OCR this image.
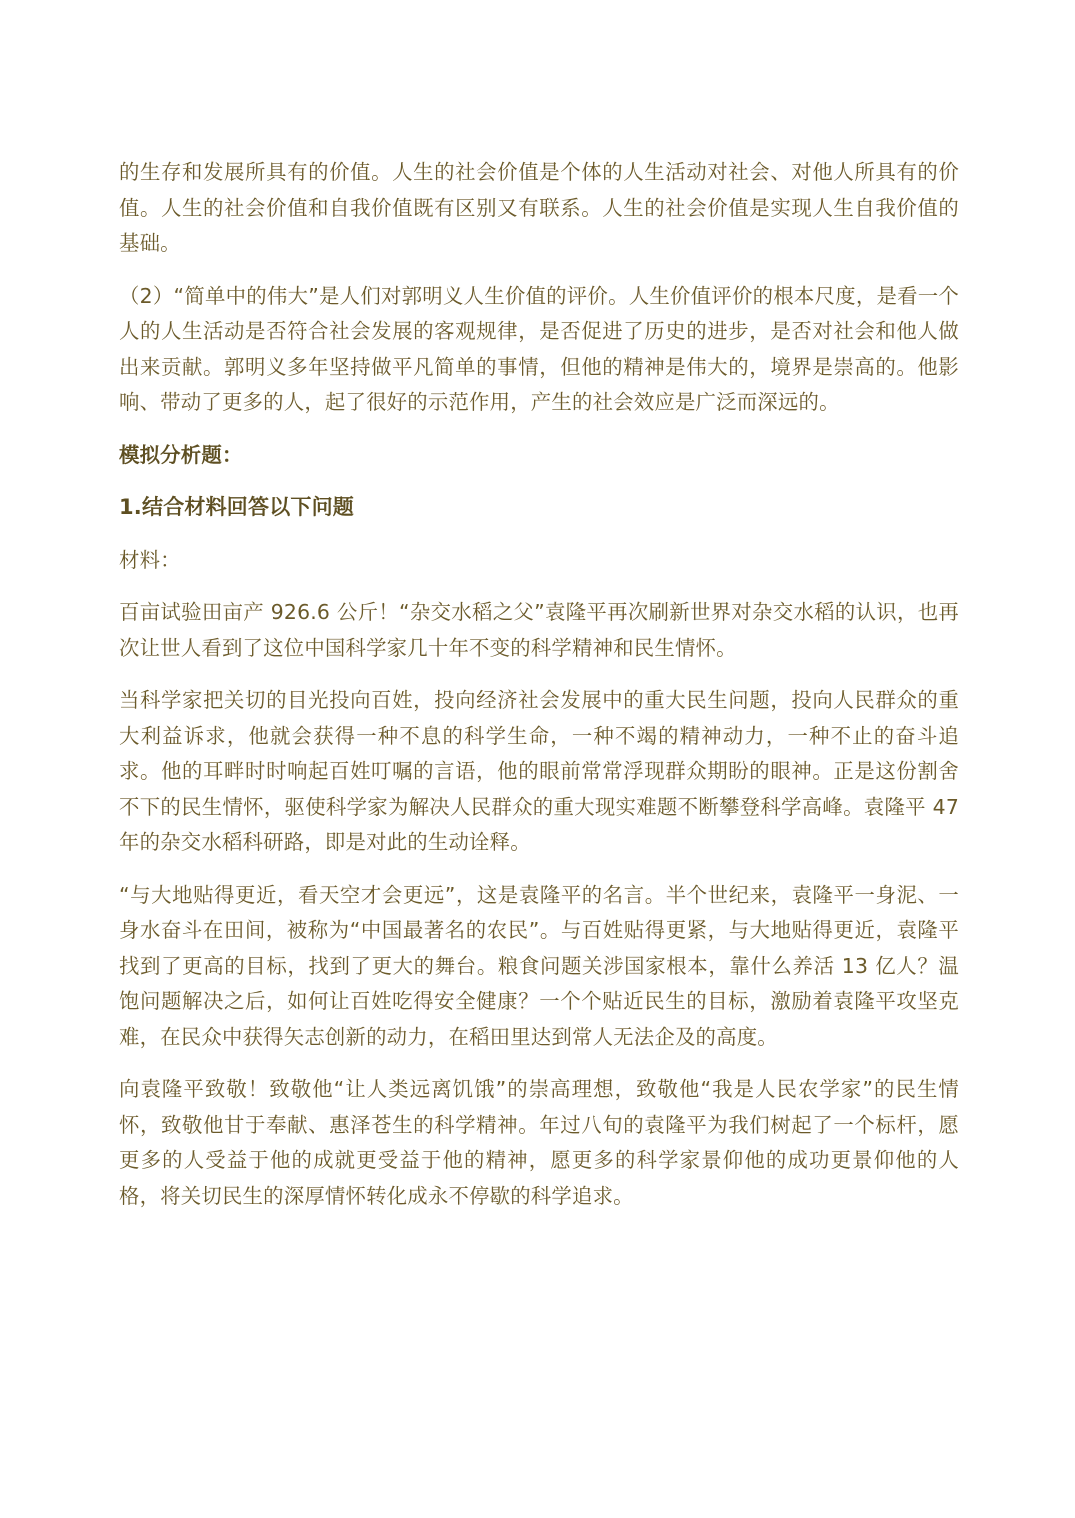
的生存和发展所具有的价值。人生的社会价值是个体的人生活动对社会、对他人所具有的价值。人生的社会价值和自我价值既有区别又有联系。人生的社会价值是实现人生自我价值的基础。

（2）“简单中的伟大”是人们对郭明义人生价值的评价。人生价值评价的根本尺度，是看一个人的人生活动是否符合社会发展的客观规律，是否促进了历史的进步，是否对社会和他人做出来贡献。郭明义多年坚持做平凡简单的事情，但他的精神是伟大的，境界是崇高的。他影响、带动了更多的人，起了很好的示范作用，产生的社会效应是广泛而深远的。

模拟分析题：
1.结合材料回答以下问题

材料：

百亩试验田亩产 926.6 公斤！“杂交水稻之父”袁隆平再次刷新世界对杂交水稻的认识，也再次让世人看到了这位中国科学家几十年不变的科学精神和民生情怀。

当科学家把关切的目光投向百姓，投向经济社会发展中的重大民生问题，投向人民群众的重大利益诉求，他就会获得一种不息的科学生命，一种不竭的精神动力，一种不止的奋斗追求。他的耳畔时时响起百姓叮嘱的言语，他的眼前常常浮现群众期盼的眼神。正是这份割舍不下的民生情怀，驱使科学家为解决人民群众的重大现实难题不断攀登科学高峰。袁隆平 47 年的杂交水稻科研路，即是对此的生动诠释。

“与大地贴得更近，看天空才会更远”，这是袁隆平的名言。半个世纪来，袁隆平一身泥、一身水奋斗在田间，被称为“中国最著名的农民”。与百姓贴得更紧，与大地贴得更近，袁隆平找到了更高的目标，找到了更大的舞台。粮食问题关涉国家根本，靠什么养活 13 亿人？温饱问题解决之后，如何让百姓吃得安全健康？一个个贴近民生的目标，激励着袁隆平攻坚克难，在民众中获得矢志创新的动力，在稻田里达到常人无法企及的高度。

向袁隆平致敬！致敬他“让人类远离饥饿”的崇高理想，致敬他“我是人民农学家”的民生情怀，致敬他甘于奉献、惠泽苍生的科学精神。年过八旬的袁隆平为我们树起了一个标杆，愿更多的人受益于他的成就更受益于他的精神，愿更多的科学家景仰他的成功更景仰他的人格，将关切民生的深厚情怀转化成永不停歇的科学追求。
